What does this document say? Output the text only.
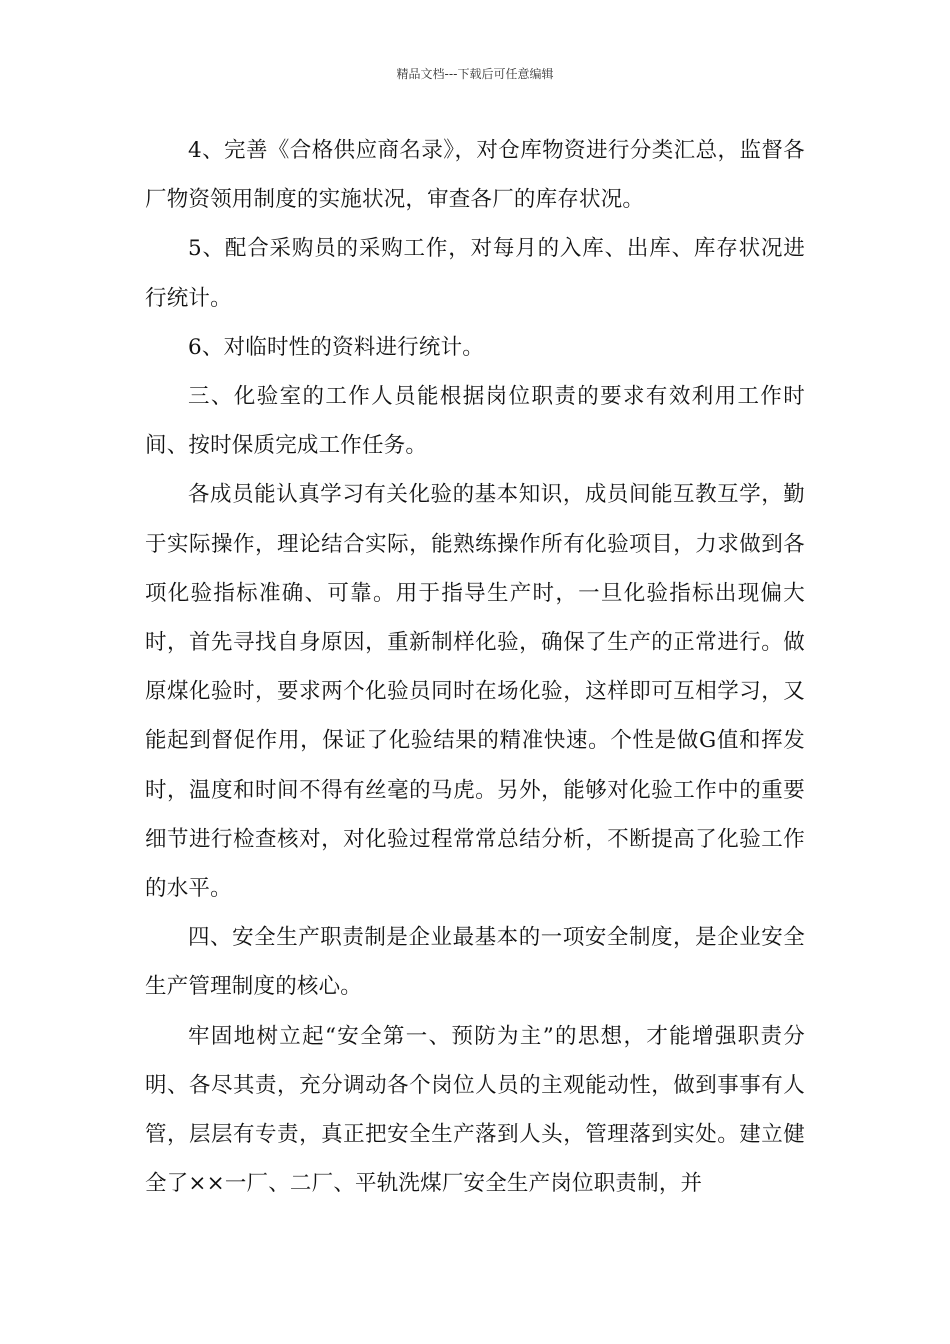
精品文档---下载后可任意编辑

4、完善《合格供应商名录》，对仓库物资进行分类汇总，监督各厂物资领用制度的实施状况，审查各厂的库存状况。

5、配合采购员的采购工作，对每月的入库、出库、库存状况进行统计。

6、对临时性的资料进行统计。

三、化验室的工作人员能根据岗位职责的要求有效利用工作时间、按时保质完成工作任务。

各成员能认真学习有关化验的基本知识，成员间能互教互学，勤于实际操作，理论结合实际，能熟练操作所有化验项目，力求做到各项化验指标准确、可靠。用于指导生产时，一旦化验指标出现偏大时，首先寻找自身原因，重新制样化验，确保了生产的正常进行。做原煤化验时，要求两个化验员同时在场化验，这样即可互相学习，又能起到督促作用，保证了化验结果的精准快速。个性是做G值和挥发时，温度和时间不得有丝毫的马虎。另外，能够对化验工作中的重要细节进行检查核对，对化验过程常常总结分析，不断提高了化验工作的水平。

四、安全生产职责制是企业最基本的一项安全制度，是企业安全生产管理制度的核心。

牢固地树立起“安全第一、预防为主”的思想，才能增强职责分明、各尽其责，充分调动各个岗位人员的主观能动性，做到事事有人管，层层有专责，真正把安全生产落到人头，管理落到实处。建立健全了××一厂、二厂、平轨洗煤厂安全生产岗位职责制，并
